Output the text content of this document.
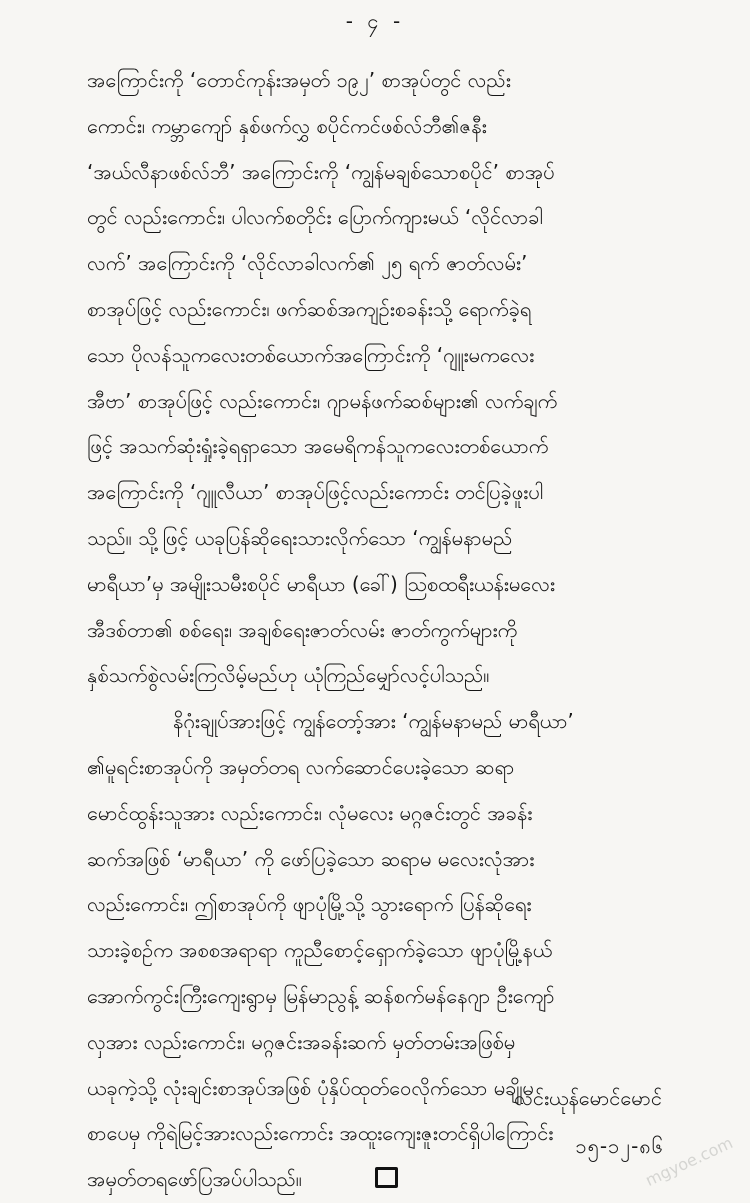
- ၄ -
အကြောင်းကို ‘တောင်ကုန်းအမှတ် ၁၉၂’ စာအုပ်တွင် လည်း
ကောင်း၊ ကမ္ဘာကျော် နှစ်ဖက်လွှ စပိုင်ကင်ဖစ်လ်ဘီ၏ဇနီး
‘အယ်လီနာဖစ်လ်ဘီ’ အကြောင်းကို ‘ကျွန်မချစ်သောစပိုင်’ စာအုပ်
တွင် လည်းကောင်း၊ ပါလက်စတိုင်း ပြောက်ကျားမယ် ‘လိုင်လာခါ
လက်’ အကြောင်းကို ‘လိုင်လာခါလက်၏ ၂၅ ရက် ဇာတ်လမ်း’
စာအုပ်ဖြင့် လည်းကောင်း၊ ဖက်ဆစ်အကျဉ်းစခန်းသို့ ရောက်ခဲ့ရ
သော ပိုလန်သူကလေးတစ်ယောက်အကြောင်းကို ‘ဂျူးမကလေး
အီဗာ’ စာအုပ်ဖြင့် လည်းကောင်း၊ ဂျာမန်ဖက်ဆစ်များ၏ လက်ချက်
ဖြင့် အသက်ဆုံးရှုံးခဲ့ရရှာသော အမေရိကန်သူကလေးတစ်ယောက်
အကြောင်းကို ‘ဂျူလီယာ’ စာအုပ်ဖြင့်လည်းကောင်း တင်ပြခဲ့ဖူးပါ
သည်။ သို့ဖြင့် ယခုပြန်ဆိုရေးသားလိုက်သော ‘ကျွန်မနာမည်
မာရီယာ’မှ အမျိုးသမီးစပိုင် မာရီယာ (ခေါ်) ဩစထရီးယန်းမလေး
အီဒစ်တာ၏ စစ်ရေး၊ အချစ်ရေးဇာတ်လမ်း ဇာတ်ကွက်များကို
နှစ်သက်စွဲလမ်းကြလိမ့်မည်ဟု ယုံကြည်မျှော်လင့်ပါသည်။
နိဂုံးချုပ်အားဖြင့် ကျွန်တော့်အား ‘ကျွန်မနာမည် မာရီယာ’
၏မူရင်းစာအုပ်ကို အမှတ်တရ လက်ဆောင်ပေးခဲ့သော ဆရာ
မောင်ထွန်းသူအား လည်းကောင်း၊ လုံမလေး မဂ္ဂဇင်းတွင် အခန်း
ဆက်အဖြစ် ‘မာရီယာ’ ကို ဖော်ပြခဲ့သော ဆရာမ မလေးလုံအား
လည်းကောင်း၊ ဤစာအုပ်ကို ဖျာပုံမြို့သို့ သွားရောက် ပြန်ဆိုရေး
သားခဲ့စဉ်က အစစအရာရာ ကူညီစောင့်ရှောက်ခဲ့သော ဖျာပုံမြို့နယ်
အောက်ကွင်းကြီးကျေးရွာမှ မြန်မာညွန့် ဆန်စက်မန်နေဂျာ ဦးကျော်
လှအား လည်းကောင်း၊ မဂ္ဂဇင်းအခန်းဆက် မှတ်တမ်းအဖြစ်မှ
ယခုကဲ့သို့ လုံးချင်းစာအုပ်အဖြစ် ပုံနှိပ်ထုတ်ဝေလိုက်သော မချိုမ
စာပေမှ ကိုရဲမြင့်အားလည်းကောင်း အထူးကျေးဇူးတင်ရှိပါကြောင်း
အမှတ်တရဖော်ပြအပ်ပါသည်။
လင်းယုန်မောင်မောင်
၁၅-၁၂-၈၆
mgyoe.com
